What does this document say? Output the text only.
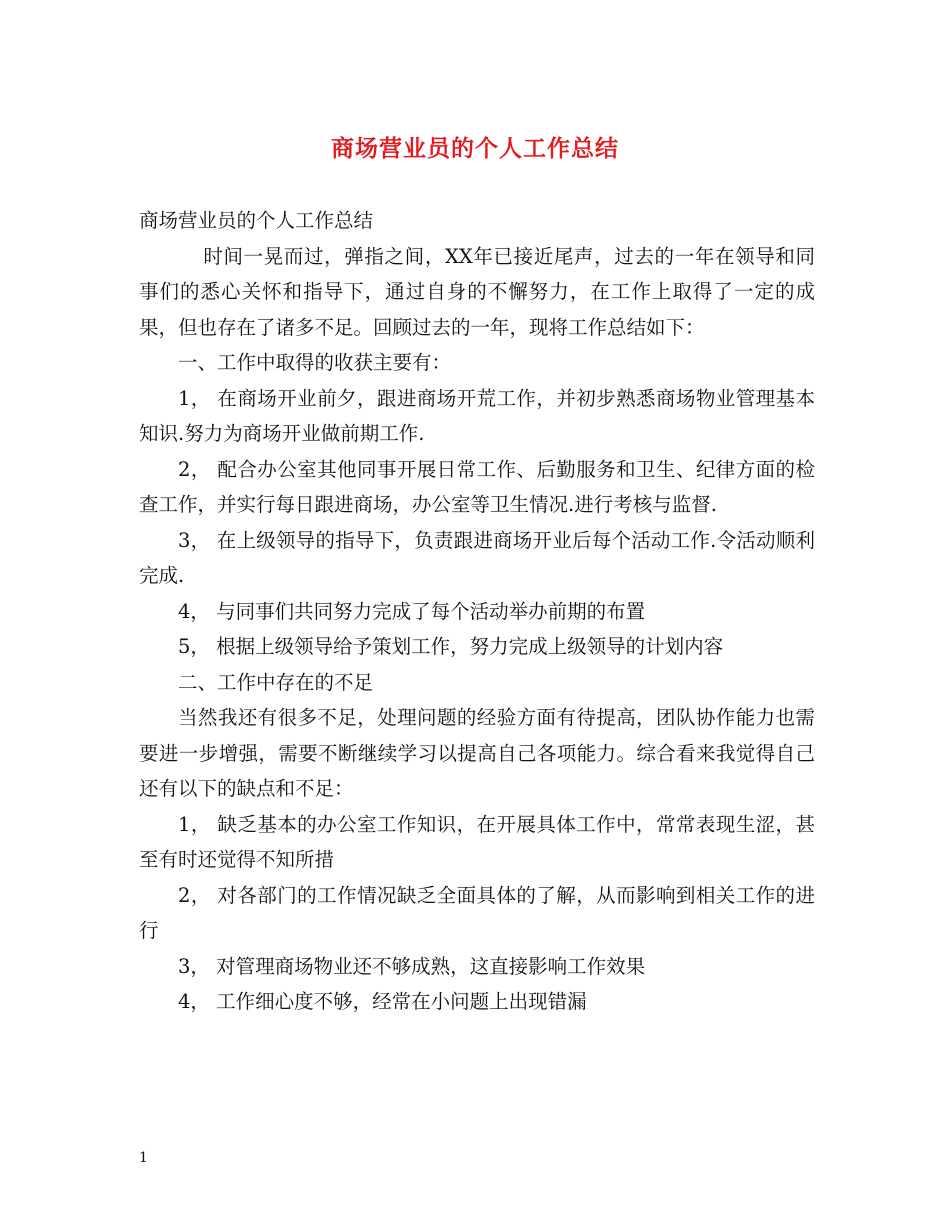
商场营业员的个人工作总结

商场营业员的个人工作总结

时间一晃而过，弹指之间，XX年已接近尾声，过去的一年在领导和同事们的悉心关怀和指导下，通过自身的不懈努力，在工作上取得了一定的成果，但也存在了诸多不足。回顾过去的一年，现将工作总结如下：

一、工作中取得的收获主要有：

1， 在商场开业前夕，跟进商场开荒工作，并初步熟悉商场物业管理基本知识.努力为商场开业做前期工作.

2， 配合办公室其他同事开展日常工作、后勤服务和卫生、纪律方面的检查工作，并实行每日跟进商场，办公室等卫生情况.进行考核与监督.

3， 在上级领导的指导下，负责跟进商场开业后每个活动工作.令活动顺利完成.

4， 与同事们共同努力完成了每个活动举办前期的布置

5， 根据上级领导给予策划工作，努力完成上级领导的计划内容

二、工作中存在的不足

当然我还有很多不足，处理问题的经验方面有待提高，团队协作能力也需要进一步增强，需要不断继续学习以提高自己各项能力。综合看来我觉得自己还有以下的缺点和不足：

1， 缺乏基本的办公室工作知识，在开展具体工作中，常常表现生涩，甚至有时还觉得不知所措

2， 对各部门的工作情况缺乏全面具体的了解，从而影响到相关工作的进行

3， 对管理商场物业还不够成熟，这直接影响工作效果

4， 工作细心度不够，经常在小问题上出现错漏

1
